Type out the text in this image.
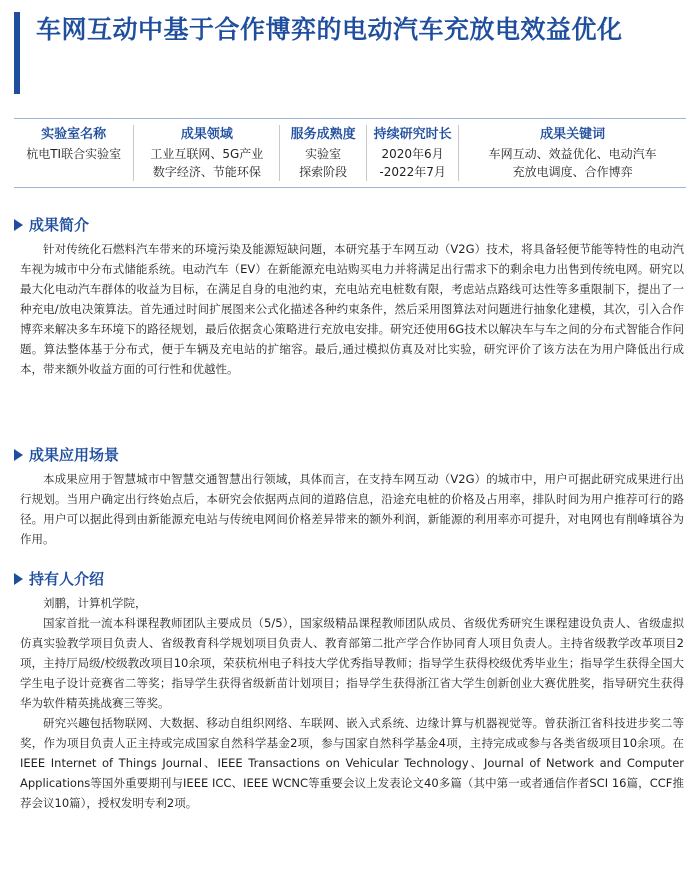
车网互动中基于合作博弈的电动汽车充放电效益优化
实验室名称
杭电TI联合实验室
成果领域
工业互联网、5G产业
数字经济、节能环保
服务成熟度
实验室
探索阶段
持续研究时长
2020年6月
-2022年7月
成果关键词
车网互动、效益优化、电动汽车
充放电调度、合作博弈
成果简介
针对传统化石燃料汽车带来的环境污染及能源短缺问题，本研究基于车网互动（V2G）技术，将具备轻便节能等特性的电动汽车视为城市中分布式储能系统。电动汽车（EV）在新能源充电站购买电力并将满足出行需求下的剩余电力出售到传统电网。研究以最大化电动汽车群体的收益为目标，在满足自身的电池约束，充电站充电桩数有限，考虑站点路线可达性等多重限制下，提出了一种充电/放电决策算法。首先通过时间扩展图来公式化描述各种约束条件，然后采用图算法对问题进行抽象化建模，其次，引入合作博弈来解决多车环境下的路径规划，最后依据贪心策略进行充放电安排。研究还使用6G技术以解决车与车之间的分布式智能合作问题。算法整体基于分布式，便于车辆及充电站的扩缩容。最后,通过模拟仿真及对比实验，研究评价了该方法在为用户降低出行成本，带来额外收益方面的可行性和优越性。
成果应用场景
本成果应用于智慧城市中智慧交通智慧出行领域，具体而言，在支持车网互动（V2G）的城市中，用户可据此研究成果进行出行规划。当用户确定出行终始点后，本研究会依据两点间的道路信息，沿途充电桩的价格及占用率，排队时间为用户推荐可行的路径。用户可以据此得到由新能源充电站与传统电网间价格差异带来的额外利润，新能源的利用率亦可提升，对电网也有削峰填谷为作用。
持有人介绍
刘鹏，计算机学院，
国家首批一流本科课程教师团队主要成员（5/5），国家级精品课程教师团队成员、省级优秀研究生课程建设负责人、省级虚拟仿真实验教学项目负责人、省级教育科学规划项目负责人、教育部第二批产学合作协同育人项目负责人。主持省级教学改革项目2项，主持厅局级/校级教改项目10余项，荣获杭州电子科技大学优秀指导教师；指导学生获得校级优秀毕业生；指导学生获得全国大学生电子设计竞赛省二等奖；指导学生获得省级新苗计划项目；指导学生获得浙江省大学生创新创业大赛优胜奖，指导研究生获得华为软件精英挑战赛三等奖。
研究兴趣包括物联网、大数据、移动自组织网络、车联网、嵌入式系统、边缘计算与机器视觉等。曾获浙江省科技进步奖二等奖，作为项目负责人正主持或完成国家自然科学基金2项，参与国家自然科学基金4项，主持完成或参与各类省级项目10余项。在IEEE Internet of Things Journal、IEEE Transactions on Vehicular Technology、Journal of Network and Computer Applications等国外重要期刊与IEEE ICC、IEEE WCNC等重要会议上发表论文40多篇（其中第一或者通信作者SCI 16篇，CCF推荐会议10篇），授权发明专利2项。
